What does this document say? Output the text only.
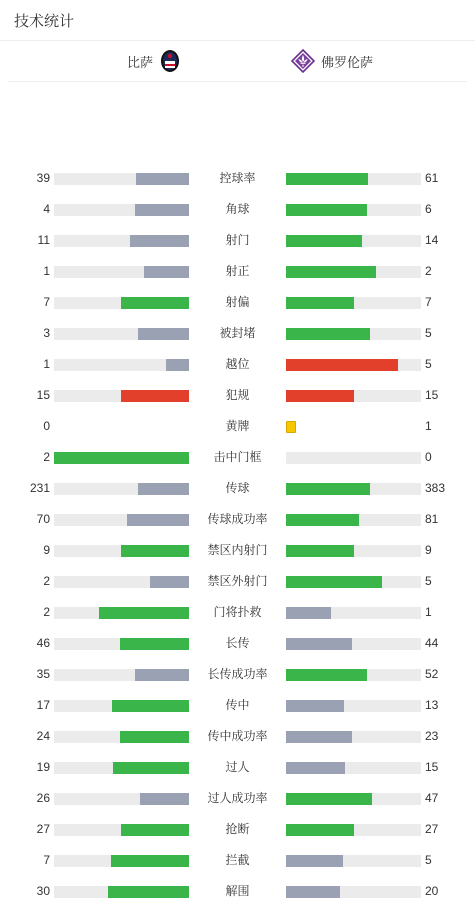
技术统计
比萨	佛罗伦萨
39	控球率	61
4	角球	6
11	射门	14
1	射正	2
7	射偏	7
3	被封堵	5
1	越位	5
15	犯规	15
0	黄牌	1
2	击中门框	0
231	传球	383
70	传球成功率	81
9	禁区内射门	9
2	禁区外射门	5
2	门将扑救	1
46	长传	44
35	长传成功率	52
17	传中	13
24	传中成功率	23
19	过人	15
26	过人成功率	47
27	抢断	27
7	拦截	5
30	解围	20
